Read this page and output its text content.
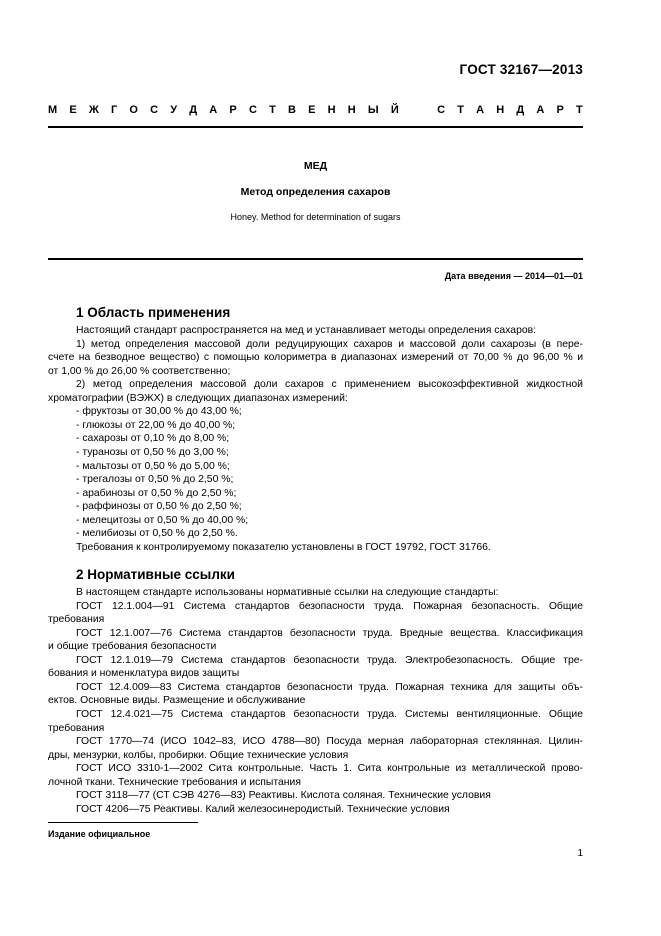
ГОСТ 32167—2013
М Е Ж Г О С У Д А Р С Т В Е Н Н Ы Й	С Т А Н Д А Р Т
МЕД
Метод определения сахаров
Honey. Method for determination of sugars
Дата введения — 2014—01—01
1 Область применения
Настоящий стандарт распространяется на мед и устанавливает методы определения сахаров:
1) метод определения массовой доли редуцирующих сахаров и массовой доли сахарозы (в пере-
счете на безводное вещество) с помощью колориметра в диапазонах измерений от 70,00 % до 96,00 % и
от 1,00 % до 26,00 % соответственно;
2) метод определения массовой доли сахаров с применением высокоэффективной жидкостной
хроматографии (ВЭЖХ) в следующих диапазонах измерений:
- фруктозы от 30,00 % до 43,00 %;
- глюкозы от 22,00 % до 40,00 %;
- сахарозы от 0,10 % до 8,00 %;
- туранозы от 0,50 % до 3,00 %;
- мальтозы от 0,50 % до 5,00 %;
- трегалозы от 0,50 % до 2,50 %;
- арабинозы от 0,50 % до 2,50 %;
- раффинозы от 0,50 % до 2,50 %;
- мелецитозы от 0,50 % до 40,00 %;
- мелибиозы от 0,50 % до 2,50 %.
Требования к контролируемому показателю установлены в ГОСТ 19792, ГОСТ 31766.
2 Нормативные ссылки
В настоящем стандарте использованы нормативные ссылки на следующие стандарты:
ГОСТ 12.1.004—91 Система стандартов безопасности труда. Пожарная безопасность. Общие
требования
ГОСТ 12.1.007—76 Система стандартов безопасности труда. Вредные вещества. Классификация
и общие требования безопасности
ГОСТ 12.1.019—79 Система стандартов безопасности труда. Электробезопасность. Общие тре-
бования и номенклатура видов защиты
ГОСТ 12.4.009—83 Система стандартов безопасности труда. Пожарная техника для защиты объ-
ектов. Основные виды. Размещение и обслуживание
ГОСТ 12.4.021—75 Система стандартов безопасности труда. Системы вентиляционные. Общие
требования
ГОСТ 1770—74 (ИСО 1042–83, ИСО 4788—80) Посуда мерная лабораторная стеклянная. Цилин-
дры, мензурки, колбы, пробирки. Общие технические условия
ГОСТ ИСО 3310-1—2002 Сита контрольные. Часть 1. Сита контрольные из металлической прово-
лочной ткани. Технические требования и испытания
ГОСТ 3118—77 (СТ СЭВ 4276—83) Реактивы. Кислота соляная. Технические условия
ГОСТ 4206—75 Реактивы. Калий железосинеродистый. Технические условия
Издание официальное
1
